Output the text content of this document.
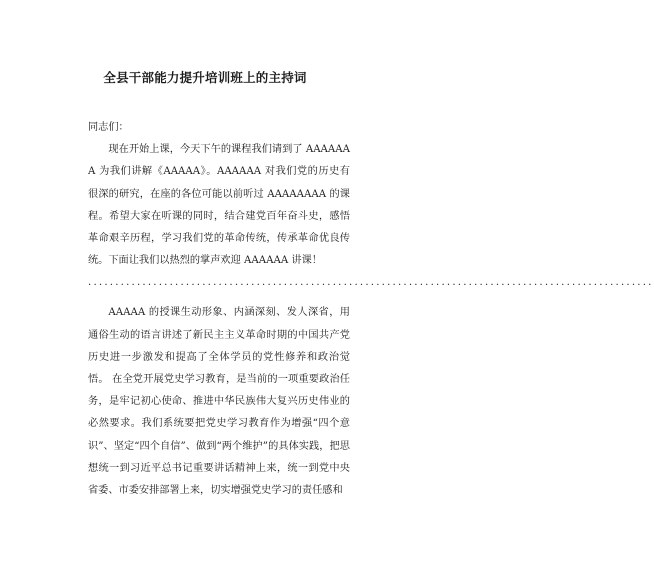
全县干部能力提升培训班上的主持词

同志们：

现在开始上课，今天下午的课程我们请到了 AAAAAAA 为我们讲解《AAAAA》。AAAAAA 对我们党的历史有很深的研究，在座的各位可能以前听过 AAAAAAAA 的课程。希望大家在听课的同时，结合建党百年奋斗史，感悟革命艰辛历程，学习我们党的革命传统，传承革命优良传统。下面让我们以热烈的掌声欢迎 AAAAAA 讲课！

........................................................................................................

AAAAA 的授课生动形象、内涵深刻、发人深省，用通俗生动的语言讲述了新民主主义革命时期的中国共产党历史进一步激发和提高了全体学员的党性修养和政治觉悟。 在全党开展党史学习教育，是当前的一项重要政治任务，是牢记初心使命、推进中华民族伟大复兴历史伟业的必然要求。我们系统要把党史学习教育作为增强“四个意识”、坚定“四个自信”、做到“两个维护”的具体实践，把思想统一到习近平总书记重要讲话精神上来，统一到党中央省委、市委安排部署上来，切实增强党史学习的责任感和
